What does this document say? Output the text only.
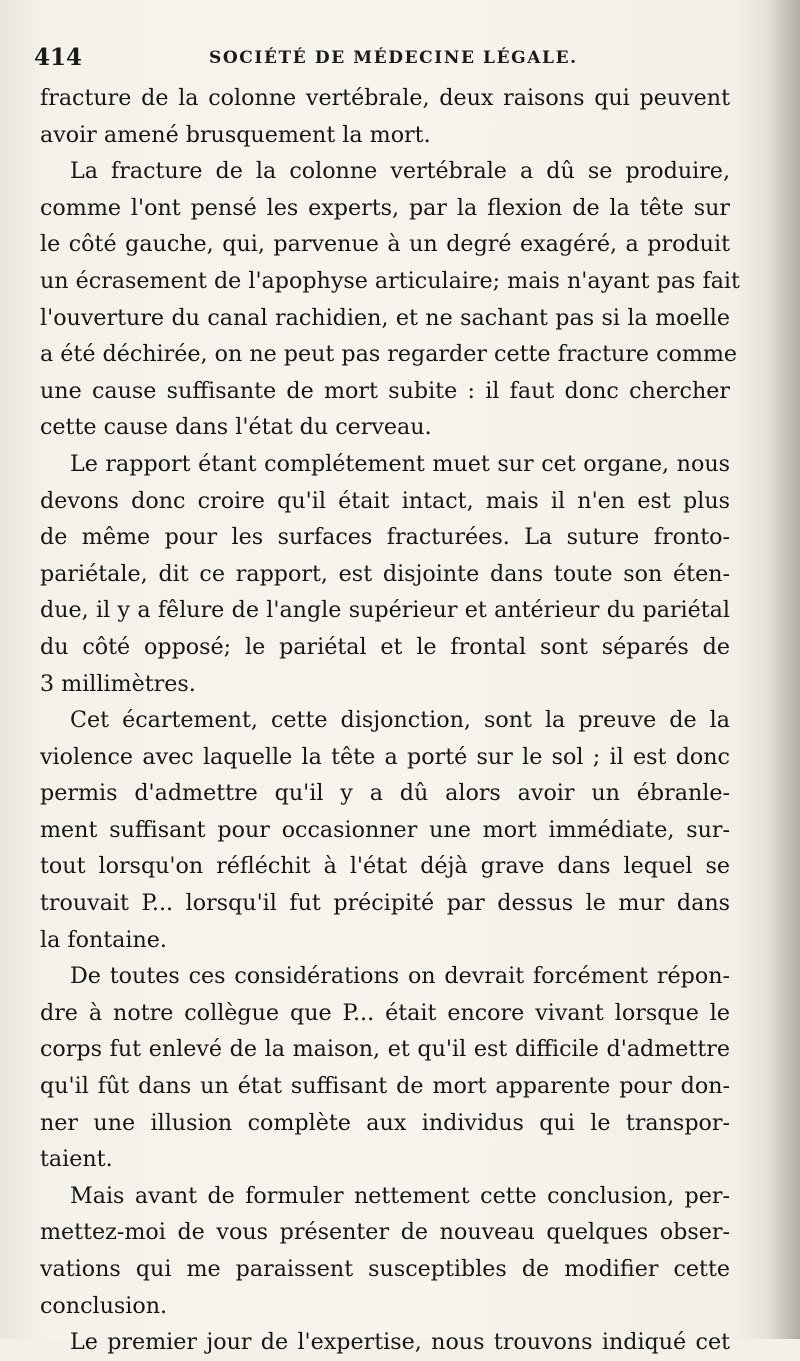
414	SOCIÉTÉ DE MÉDECINE LÉGALE.

fracture de la colonne vertébrale, deux raisons qui peuvent
avoir amené brusquement la mort.

La fracture de la colonne vertébrale a dû se produire,
comme l'ont pensé les experts, par la flexion de la tête sur
le côté gauche, qui, parvenue à un degré exagéré, a produit
un écrasement de l'apophyse articulaire; mais n'ayant pas fait
l'ouverture du canal rachidien, et ne sachant pas si la moelle
a été déchirée, on ne peut pas regarder cette fracture comme
une cause suffisante de mort subite : il faut donc chercher
cette cause dans l'état du cerveau.

Le rapport étant complétement muet sur cet organe, nous
devons donc croire qu'il était intact, mais il n'en est plus
de même pour les surfaces fracturées. La suture fronto-
pariétale, dit ce rapport, est disjointe dans toute son éten-
due, il y a fêlure de l'angle supérieur et antérieur du pariétal
du côté opposé; le pariétal et le frontal sont séparés de
3 millimètres.

Cet écartement, cette disjonction, sont la preuve de la
violence avec laquelle la tête a porté sur le sol ; il est donc
permis d'admettre qu'il y a dû alors avoir un ébranle-
ment suffisant pour occasionner une mort immédiate, sur-
tout lorsqu'on réfléchit à l'état déjà grave dans lequel se
trouvait P... lorsqu'il fut précipité par dessus le mur dans
la fontaine.

De toutes ces considérations on devrait forcément répon-
dre à notre collègue que P... était encore vivant lorsque le
corps fut enlevé de la maison, et qu'il est difficile d'admettre
qu'il fût dans un état suffisant de mort apparente pour don-
ner une illusion complète aux individus qui le transpor-
taient.

Mais avant de formuler nettement cette conclusion, per-
mettez-moi de vous présenter de nouveau quelques obser-
vations qui me paraissent susceptibles de modifier cette
conclusion.

Le premier jour de l'expertise, nous trouvons indiqué cet
